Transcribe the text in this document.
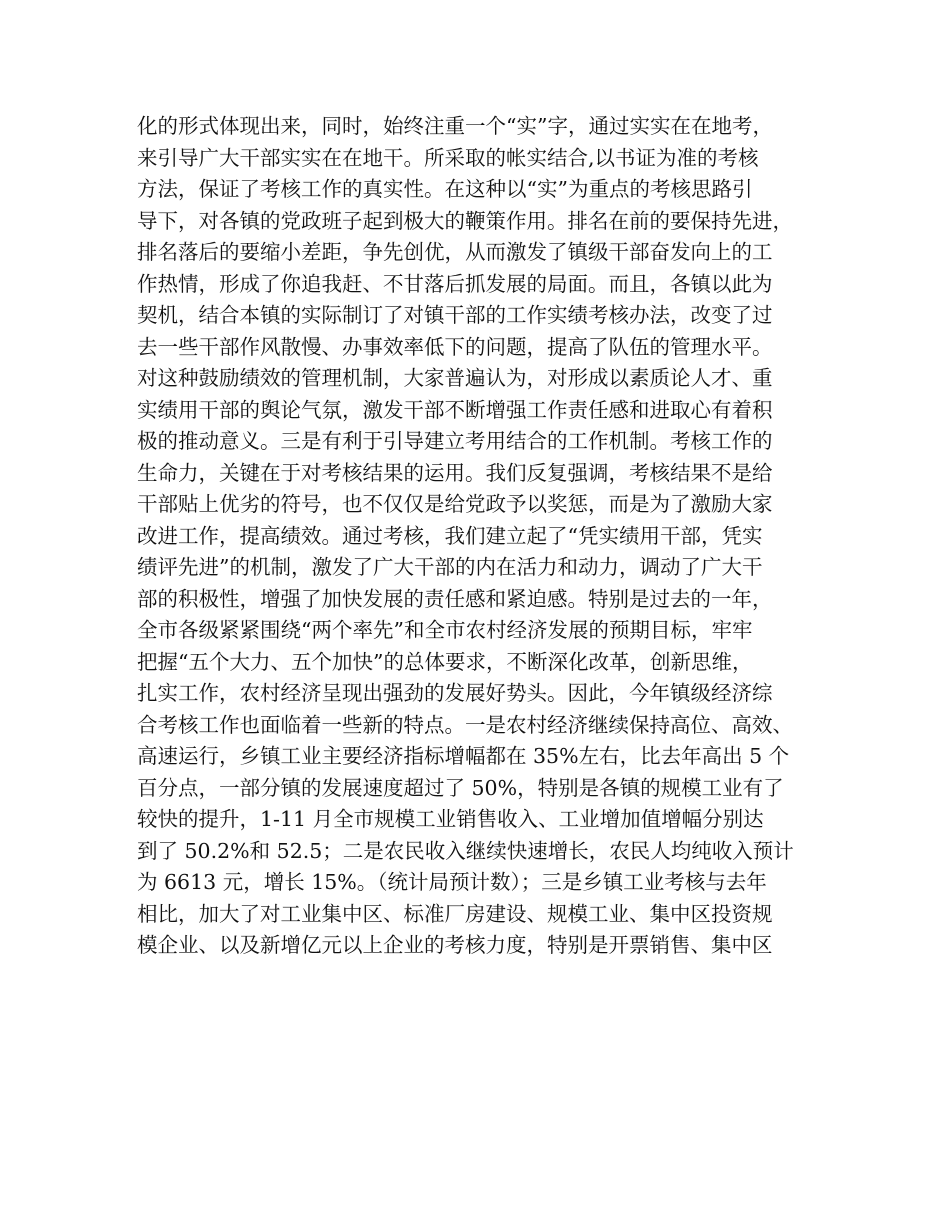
化的形式体现出来，同时，始终注重一个“实”字，通过实实在在地考，
来引导广大干部实实在在地干。所采取的帐实结合,以书证为准的考核
方法，保证了考核工作的真实性。在这种以“实”为重点的考核思路引
导下，对各镇的党政班子起到极大的鞭策作用。排名在前的要保持先进，
排名落后的要缩小差距，争先创优，从而激发了镇级干部奋发向上的工
作热情，形成了你追我赶、不甘落后抓发展的局面。而且，各镇以此为
契机，结合本镇的实际制订了对镇干部的工作实绩考核办法，改变了过
去一些干部作风散慢、办事效率低下的问题，提高了队伍的管理水平。
对这种鼓励绩效的管理机制，大家普遍认为，对形成以素质论人才、重
实绩用干部的舆论气氛，激发干部不断增强工作责任感和进取心有着积
极的推动意义。三是有利于引导建立考用结合的工作机制。考核工作的
生命力，关键在于对考核结果的运用。我们反复强调，考核结果不是给
干部贴上优劣的符号，也不仅仅是给党政予以奖惩，而是为了激励大家
改进工作，提高绩效。通过考核，我们建立起了“凭实绩用干部，凭实
绩评先进”的机制，激发了广大干部的内在活力和动力，调动了广大干
部的积极性，增强了加快发展的责任感和紧迫感。特别是过去的一年，
全市各级紧紧围绕“两个率先”和全市农村经济发展的预期目标，牢牢
把握“五个大力、五个加快”的总体要求，不断深化改革，创新思维，
扎实工作，农村经济呈现出强劲的发展好势头。因此，今年镇级经济综
合考核工作也面临着一些新的特点。一是农村经济继续保持高位、高效、
高速运行，乡镇工业主要经济指标增幅都在 35%左右，比去年高出 5 个
百分点，一部分镇的发展速度超过了 50%，特别是各镇的规模工业有了
较快的提升，1-11 月全市规模工业销售收入、工业增加值增幅分别达
到了 50.2%和 52.5；二是农民收入继续快速增长，农民人均纯收入预计
为 6613 元，增长 15%。（统计局预计数）；三是乡镇工业考核与去年
相比，加大了对工业集中区、标准厂房建设、规模工业、集中区投资规
模企业、以及新增亿元以上企业的考核力度，特别是开票销售、集中区
